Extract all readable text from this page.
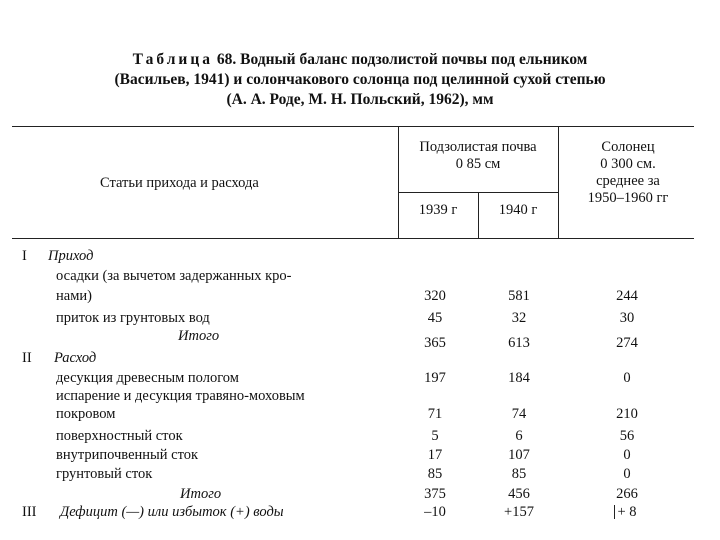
Таблица 68. Водный баланс подзолистой почвы под ельником
(Васильев, 1941) и солончакового солонца под целинной сухой степью
(А. А. Роде, М. Н. Польский, 1962), мм
Статьи прихода и расхода
Подзолистая почва
0 85 см
1939 г	1940 г
Солонец
0 300 см.
среднее за
1950–1960 гг
I Приход
осадки (за вычетом задержанных кро-
нами)	320	581	244
приток из грунтовых вод	45	32	30
Итого	365	613	274
II Расход
десукция древесным пологом	197	184	0
испарение и десукция травяно-моховым
покровом	71	74	210
поверхностный сток	5	6	56
внутрипочвенный сток	17	107	0
грунтовый сток	85	85	0
Итого	375	456	266
III Дефицит (—) или избыток (+) воды	–10	+157	+ 8
